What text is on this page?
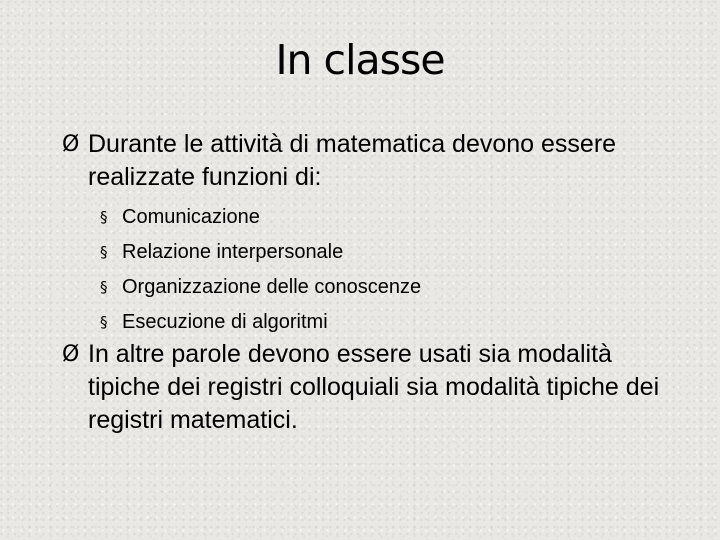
In classe
Ø Durante le attività di matematica devono essere realizzate funzioni di:
§ Comunicazione
§ Relazione interpersonale
§ Organizzazione delle conoscenze
§ Esecuzione di algoritmi
Ø In altre parole devono essere usati sia modalità tipiche dei registri colloquiali sia modalità tipiche dei registri matematici.
